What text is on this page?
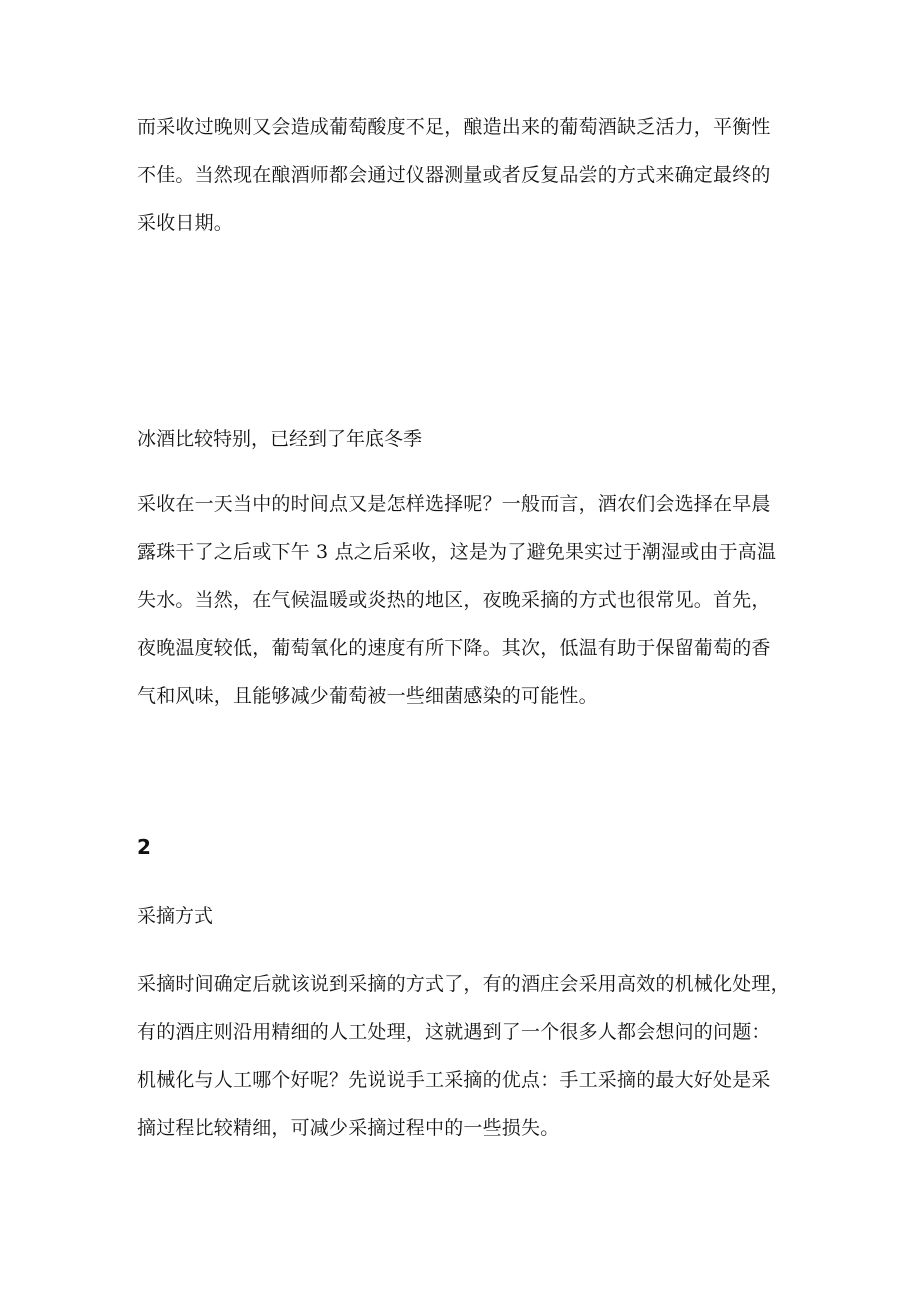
而采收过晚则又会造成葡萄酸度不足，酿造出来的葡萄酒缺乏活力，平衡性
不佳。当然现在酿酒师都会通过仪器测量或者反复品尝的方式来确定最终的
采收日期。

冰酒比较特别，已经到了年底冬季

采收在一天当中的时间点又是怎样选择呢？一般而言，酒农们会选择在早晨
露珠干了之后或下午 3 点之后采收，这是为了避免果实过于潮湿或由于高温
失水。当然，在气候温暖或炎热的地区，夜晚采摘的方式也很常见。首先，
夜晚温度较低，葡萄氧化的速度有所下降。其次，低温有助于保留葡萄的香
气和风味，且能够减少葡萄被一些细菌感染的可能性。

2
采摘方式

采摘时间确定后就该说到采摘的方式了，有的酒庄会采用高效的机械化处理，
有的酒庄则沿用精细的人工处理，这就遇到了一个很多人都会想问的问题：
机械化与人工哪个好呢？先说说手工采摘的优点：手工采摘的最大好处是采
摘过程比较精细，可减少采摘过程中的一些损失。
